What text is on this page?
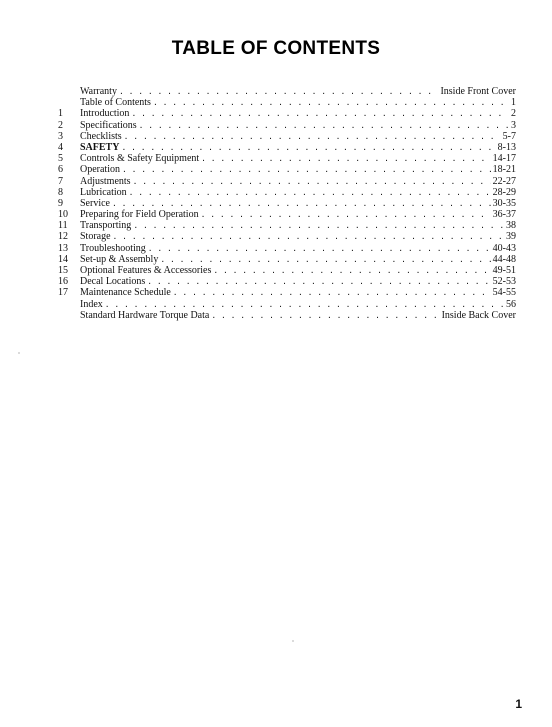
TABLE OF CONTENTS
Warranty . . .	Inside Front Cover
Table of Contents . . .	1
1	Introduction . . .	2
2	Specifications . . .	3
3	Checklists . . .	5-7
4	SAFETY . . .	8-13
5	Controls & Safety Equipment . . .	14-17
6	Operation . . .	18-21
7	Adjustments . . .	22-27
8	Lubrication . . .	28-29
9	Service . . .	30-35
10	Preparing for Field Operation . . .	36-37
11	Transporting . . .	38
12	Storage . . .	39
13	Troubleshooting . . .	40-43
14	Set-up & Assembly . . .	44-48
15	Optional Features & Accessories . . .	49-51
16	Decal Locations . . .	52-53
17	Maintenance Schedule . . .	54-55
Index . . .	56
Standard Hardware Torque Data . . .	Inside Back Cover
1
